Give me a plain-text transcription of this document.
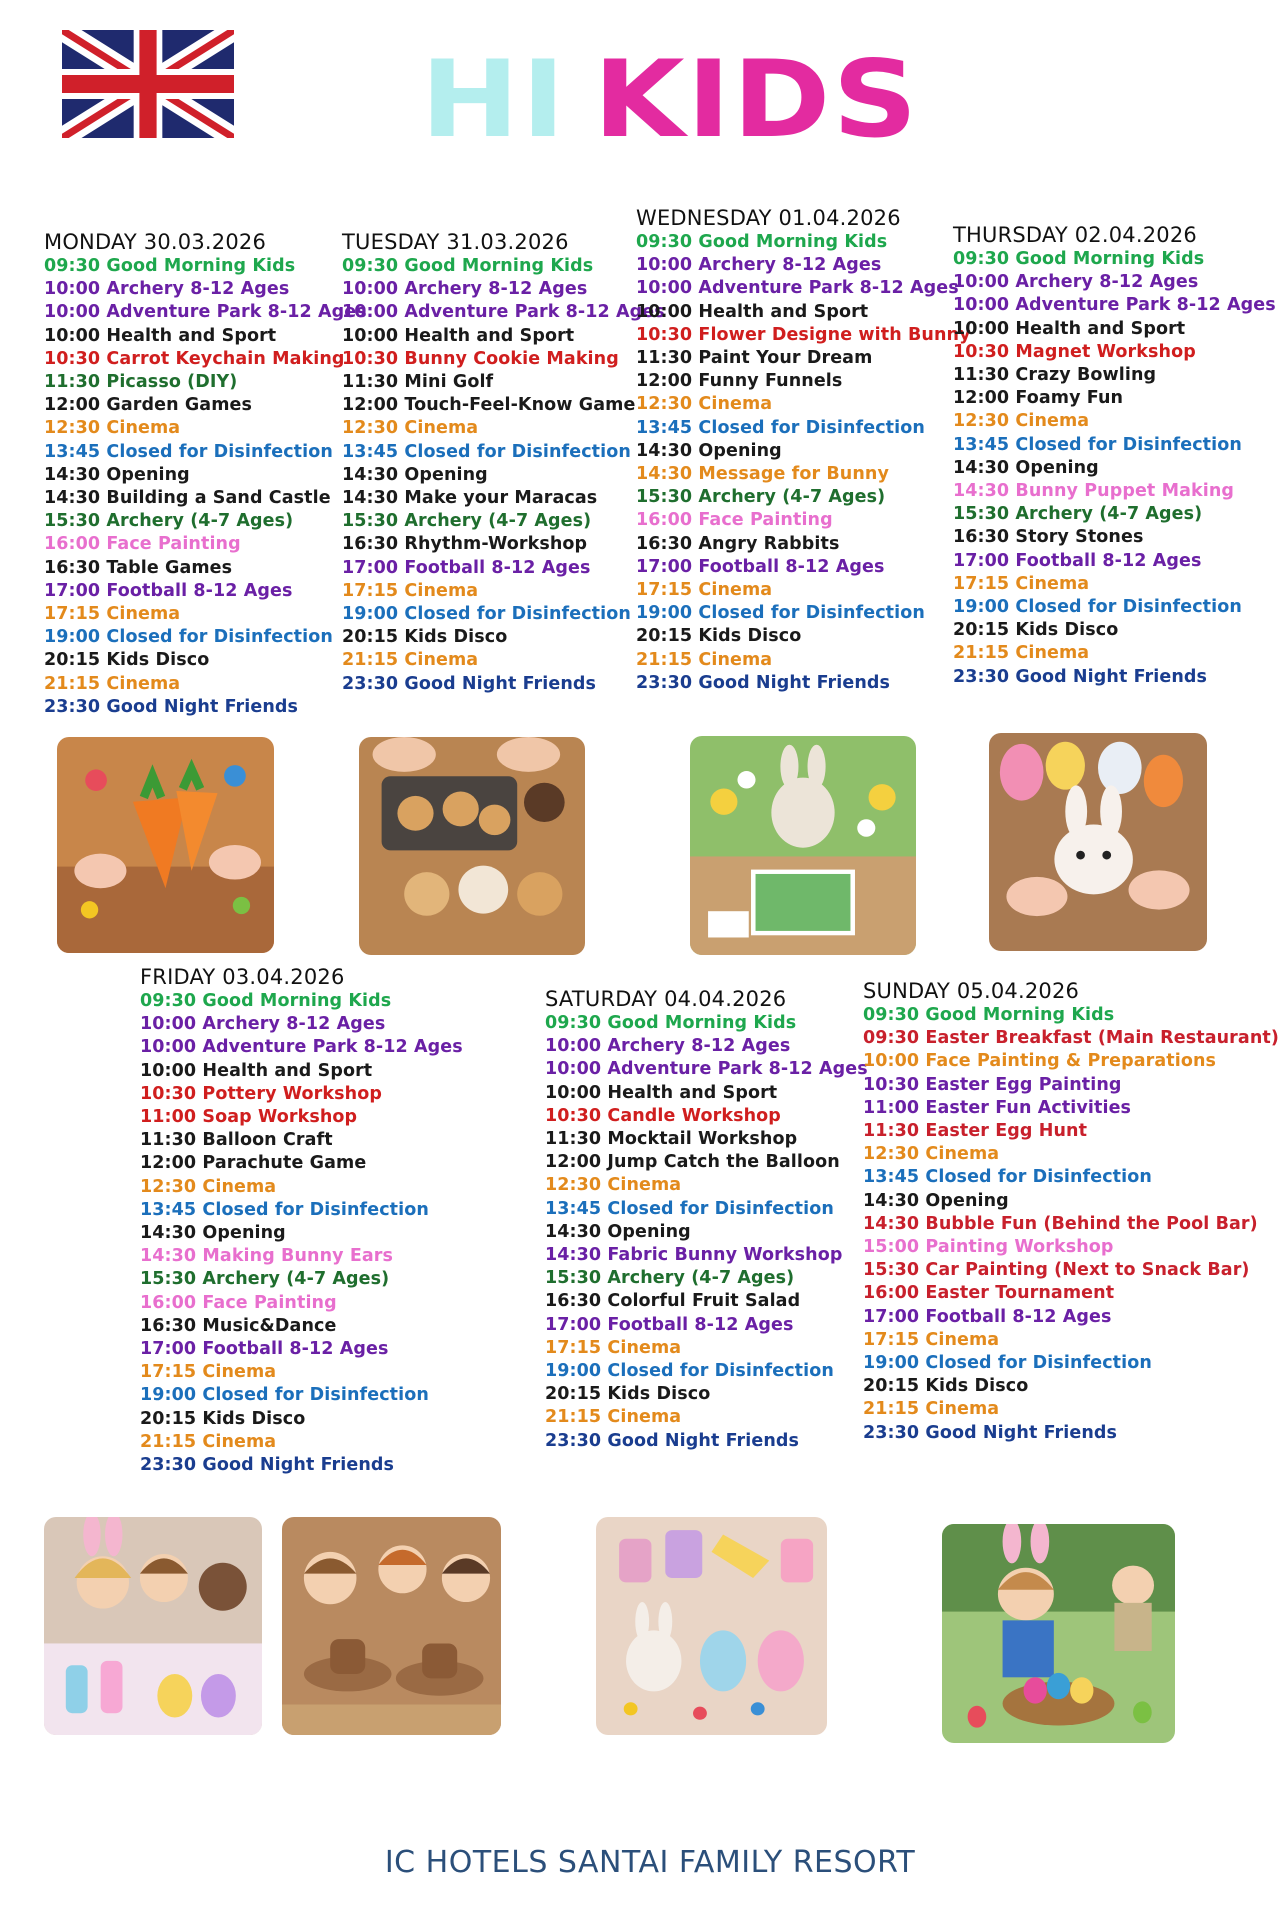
HI KIDS
MONDAY 30.03.2026
09:30 Good Morning Kids
10:00 Archery 8-12 Ages
10:00 Adventure Park 8-12 Ages
10:00 Health and Sport
10:30 Carrot Keychain Making
11:30 Picasso (DIY)
12:00 Garden Games
12:30 Cinema
13:45 Closed for Disinfection
14:30 Opening
14:30 Building a Sand Castle
15:30 Archery (4-7 Ages)
16:00 Face Painting
16:30 Table Games
17:00 Football 8-12 Ages
17:15 Cinema
19:00 Closed for Disinfection
20:15 Kids Disco
21:15 Cinema
23:30 Good Night Friends
TUESDAY 31.03.2026
09:30 Good Morning Kids
10:00 Archery 8-12 Ages
10:00 Adventure Park 8-12 Ages
10:00 Health and Sport
10:30 Bunny Cookie Making
11:30 Mini Golf
12:00 Touch-Feel-Know Game
12:30 Cinema
13:45 Closed for Disinfection
14:30 Opening
14:30 Make your Maracas
15:30 Archery (4-7 Ages)
16:30 Rhythm-Workshop
17:00 Football 8-12 Ages
17:15 Cinema
19:00 Closed for Disinfection
20:15 Kids Disco
21:15 Cinema
23:30 Good Night Friends
WEDNESDAY 01.04.2026
09:30 Good Morning Kids
10:00 Archery 8-12 Ages
10:00 Adventure Park 8-12 Ages
10:00 Health and Sport
10:30 Flower Designe with Bunny
11:30 Paint Your Dream
12:00 Funny Funnels
12:30 Cinema
13:45 Closed for Disinfection
14:30 Opening
14:30 Message for Bunny
15:30 Archery (4-7 Ages)
16:00 Face Painting
16:30 Angry Rabbits
17:00 Football 8-12 Ages
17:15 Cinema
19:00 Closed for Disinfection
20:15 Kids Disco
21:15 Cinema
23:30 Good Night Friends
THURSDAY 02.04.2026
09:30 Good Morning Kids
10:00 Archery 8-12 Ages
10:00 Adventure Park 8-12 Ages
10:00 Health and Sport
10:30 Magnet Workshop
11:30 Crazy Bowling
12:00 Foamy Fun
12:30 Cinema
13:45 Closed for Disinfection
14:30 Opening
14:30 Bunny Puppet Making
15:30 Archery (4-7 Ages)
16:30 Story Stones
17:00 Football 8-12 Ages
17:15 Cinema
19:00 Closed for Disinfection
20:15 Kids Disco
21:15 Cinema
23:30 Good Night Friends
FRIDAY 03.04.2026
09:30 Good Morning Kids
10:00 Archery 8-12 Ages
10:00 Adventure Park 8-12 Ages
10:00 Health and Sport
10:30 Pottery Workshop
11:00 Soap Workshop
11:30 Balloon Craft
12:00 Parachute Game
12:30 Cinema
13:45 Closed for Disinfection
14:30 Opening
14:30 Making Bunny Ears
15:30 Archery (4-7 Ages)
16:00 Face Painting
16:30 Music&Dance
17:00 Football 8-12 Ages
17:15 Cinema
19:00 Closed for Disinfection
20:15 Kids Disco
21:15 Cinema
23:30 Good Night Friends
SATURDAY 04.04.2026
09:30 Good Morning Kids
10:00 Archery 8-12 Ages
10:00 Adventure Park 8-12 Ages
10:00 Health and Sport
10:30 Candle Workshop
11:30 Mocktail Workshop
12:00 Jump Catch the Balloon
12:30 Cinema
13:45 Closed for Disinfection
14:30 Opening
14:30 Fabric Bunny Workshop
15:30 Archery (4-7 Ages)
16:30 Colorful Fruit Salad
17:00 Football 8-12 Ages
17:15 Cinema
19:00 Closed for Disinfection
20:15 Kids Disco
21:15 Cinema
23:30 Good Night Friends
SUNDAY 05.04.2026
09:30 Good Morning Kids
09:30 Easter Breakfast (Main Restaurant)
10:00 Face Painting & Preparations
10:30 Easter Egg Painting
11:00 Easter Fun Activities
11:30 Easter Egg Hunt
12:30 Cinema
13:45 Closed for Disinfection
14:30 Opening
14:30 Bubble Fun (Behind the Pool Bar)
15:00 Painting Workshop
15:30 Car Painting (Next to Snack Bar)
16:00 Easter Tournament
17:00 Football 8-12 Ages
17:15 Cinema
19:00 Closed for Disinfection
20:15 Kids Disco
21:15 Cinema
23:30 Good Night Friends
IC HOTELS SANTAI FAMILY RESORT
